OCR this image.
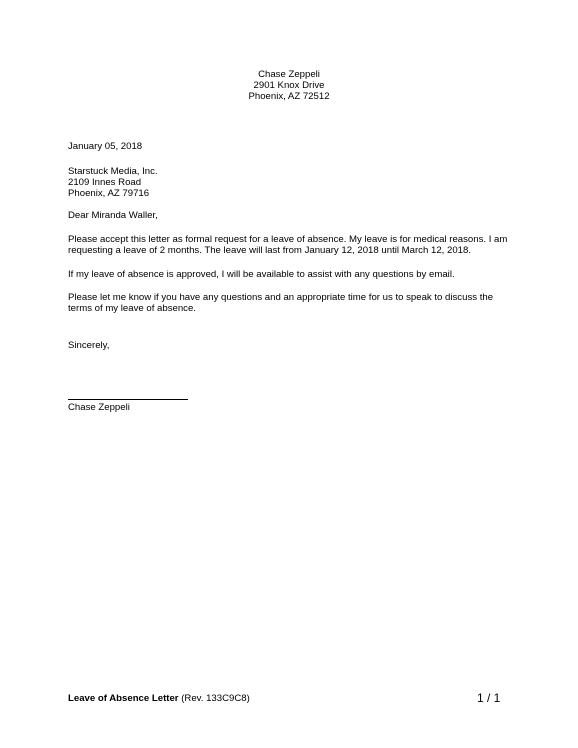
Chase Zeppeli
2901 Knox Drive
Phoenix, AZ 72512
January 05, 2018
Starstuck Media, Inc.
2109 Innes Road
Phoenix, AZ 79716
Dear Miranda Waller,

Please accept this letter as formal request for a leave of absence. My leave is for medical reasons. I am requesting a leave of 2 months. The leave will last from January 12, 2018 until March 12, 2018.

If my leave of absence is approved, I will be available to assist with any questions by email.

Please let me know if you have any questions and an appropriate time for us to speak to discuss the terms of my leave of absence.

Sincerely,
Chase Zeppeli
Leave of Absence Letter (Rev. 133C9C8)	1 / 1
